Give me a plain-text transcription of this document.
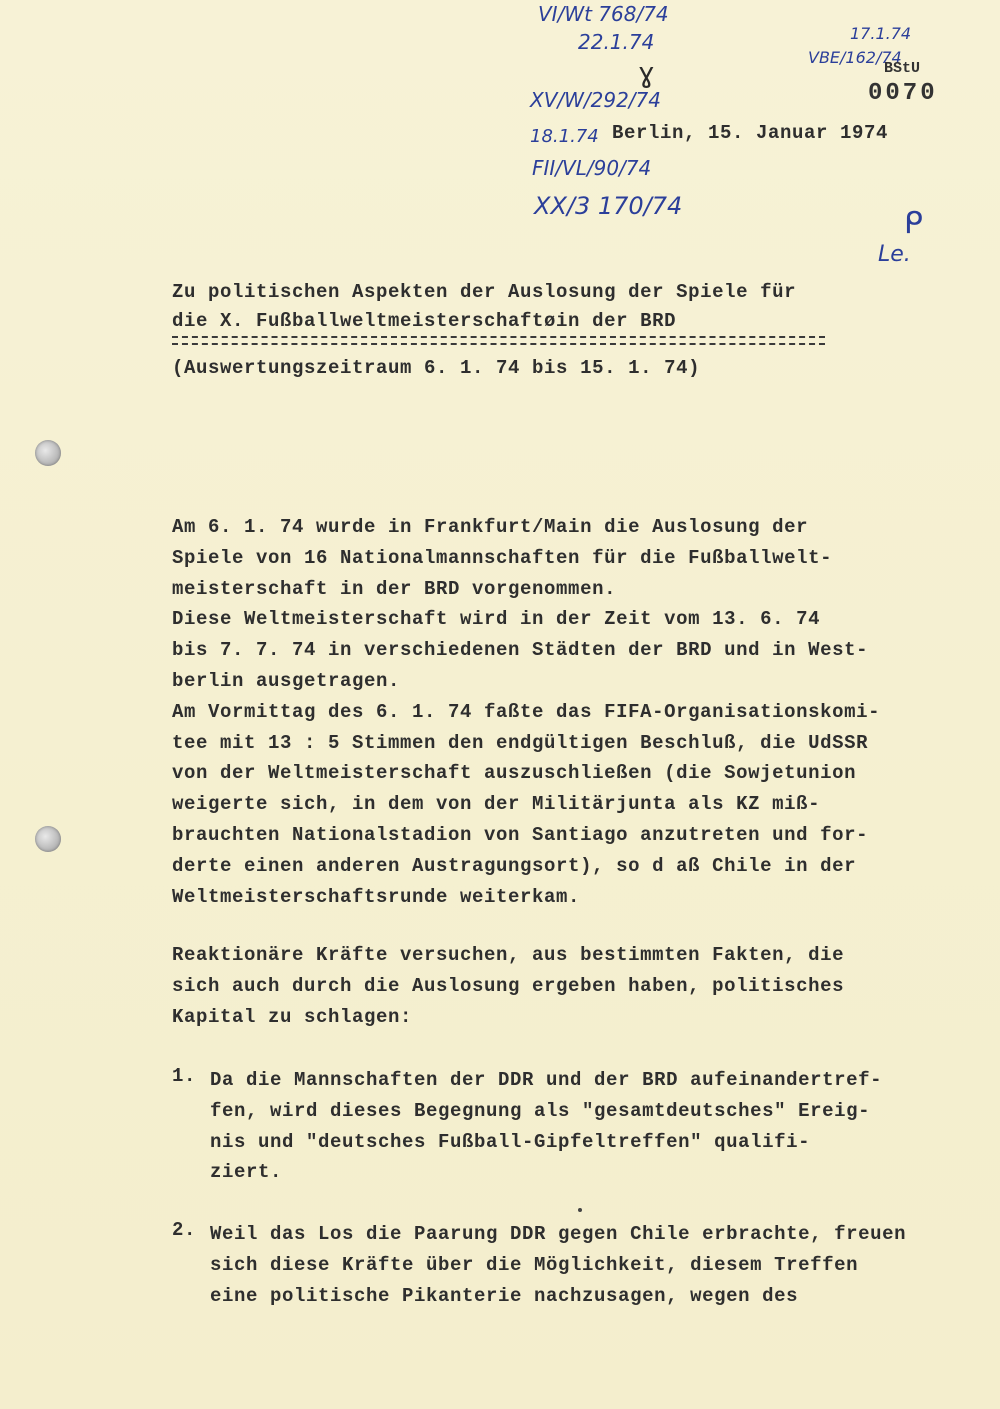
VI/Wt 768/74
22.1.74
ɣ
17.1.74
VBE/162/74
BStU
0070
XV/W/292/74
18.1.74
FII/VL/90/74
XX/3 170/74
Le.
ᑭ
Berlin, 15. Januar 1974
Zu politischen Aspekten der Auslosung der Spiele für
die X. Fußballweltmeisterschaftøin der BRD
(Auswertungszeitraum 6. 1. 74 bis 15. 1. 74)
Am 6. 1. 74 wurde in Frankfurt/Main die Auslosung der
Spiele von 16 Nationalmannschaften für die Fußballwelt-
meisterschaft in der BRD vorgenommen.
Diese Weltmeisterschaft wird in der Zeit vom 13. 6. 74
bis 7. 7. 74 in verschiedenen Städten der BRD und in West-
berlin ausgetragen.
Am Vormittag des 6. 1. 74 faßte das FIFA-Organisationskomi-
tee mit 13 : 5 Stimmen den endgültigen Beschluß, die UdSSR
von der Weltmeisterschaft auszuschließen (die Sowjetunion
weigerte sich, in dem von der Militärjunta als KZ miß-
brauchten Nationalstadion von Santiago anzutreten und for-
derte einen anderen Austragungsort), so d aß Chile in der
Weltmeisterschaftsrunde weiterkam.
Reaktionäre Kräfte versuchen, aus bestimmten Fakten, die
sich auch durch die Auslosung ergeben haben, politisches
Kapital zu schlagen:
1. Da die Mannschaften der DDR und der BRD aufeinandertref-
fen, wird dieses Begegnung als "gesamtdeutsches" Ereig-
nis und "deutsches Fußball-Gipfeltreffen" qualifi-
ziert.
2. Weil das Los die Paarung DDR gegen Chile erbrachte, freuen
sich diese Kräfte über die Möglichkeit, diesem Treffen
eine politische Pikanterie nachzusagen, wegen des
